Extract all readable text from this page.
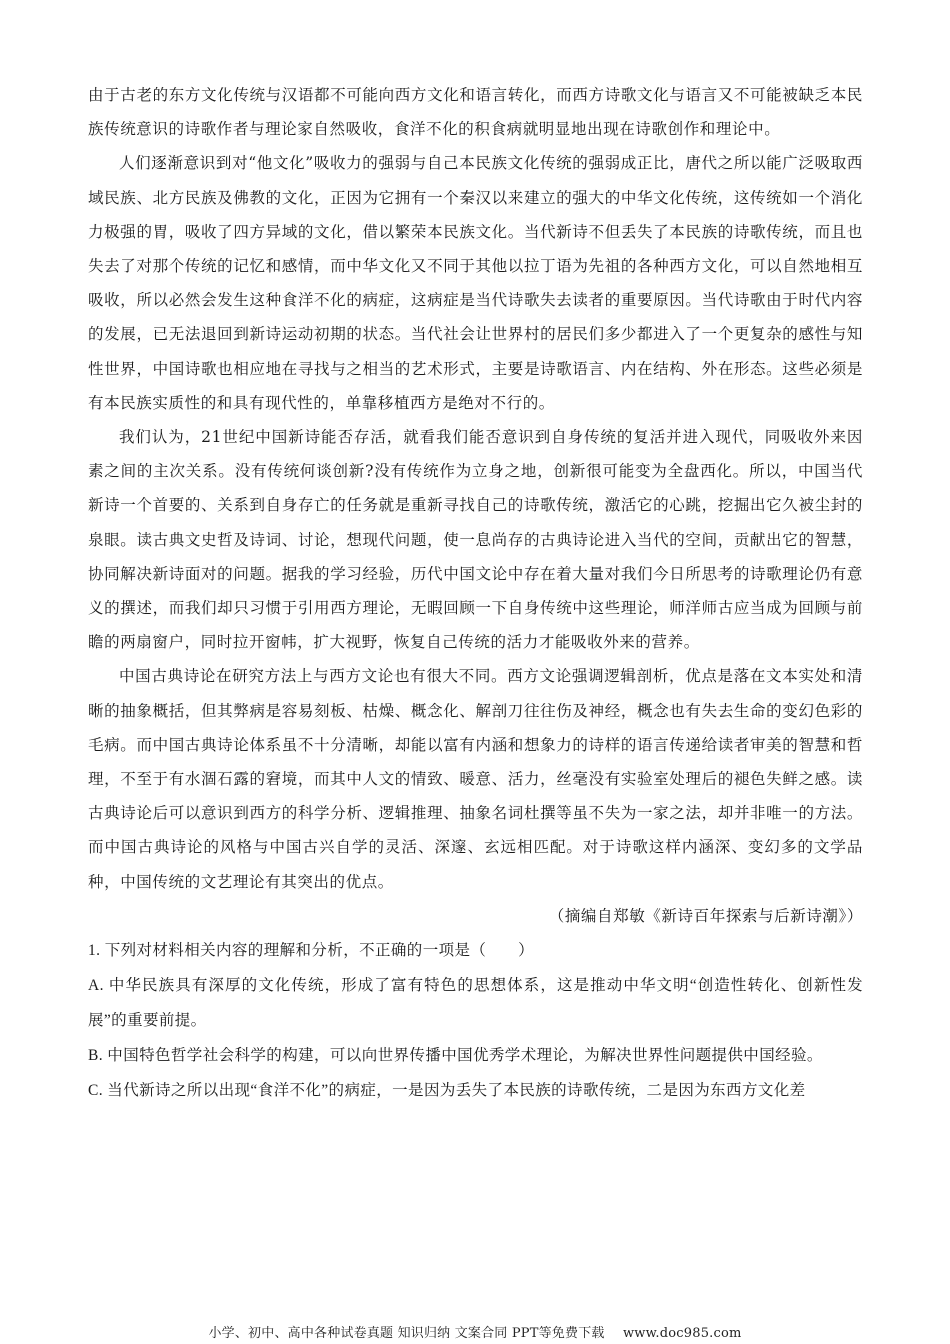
由于古老的东方文化传统与汉语都不可能向西方文化和语言转化，而西方诗歌文化与语言又不可能被缺乏本民族传统意识的诗歌作者与理论家自然吸收，食洋不化的积食病就明显地出现在诗歌创作和理论中。

人们逐渐意识到对“他文化”吸收力的强弱与自己本民族文化传统的强弱成正比，唐代之所以能广泛吸取西域民族、北方民族及佛教的文化，正因为它拥有一个秦汉以来建立的强大的中华文化传统，这传统如一个消化力极强的胃，吸收了四方异域的文化，借以繁荣本民族文化。当代新诗不但丢失了本民族的诗歌传统，而且也失去了对那个传统的记忆和感情，而中华文化又不同于其他以拉丁语为先祖的各种西方文化，可以自然地相互吸收，所以必然会发生这种食洋不化的病症，这病症是当代诗歌失去读者的重要原因。当代诗歌由于时代内容的发展，已无法退回到新诗运动初期的状态。当代社会让世界村的居民们多少都进入了一个更复杂的感性与知性世界，中国诗歌也相应地在寻找与之相当的艺术形式，主要是诗歌语言、内在结构、外在形态。这些必须是有本民族实质性的和具有现代性的，单靠移植西方是绝对不行的。

我们认为，21世纪中国新诗能否存活，就看我们能否意识到自身传统的复活并进入现代，同吸收外来因素之间的主次关系。没有传统何谈创新?没有传统作为立身之地，创新很可能变为全盘西化。所以，中国当代新诗一个首要的、关系到自身存亡的任务就是重新寻找自己的诗歌传统，激活它的心跳，挖掘出它久被尘封的泉眼。读古典文史哲及诗词、讨论，想现代问题，使一息尚存的古典诗论进入当代的空间，贡献出它的智慧，协同解决新诗面对的问题。据我的学习经验，历代中国文论中存在着大量对我们今日所思考的诗歌理论仍有意义的撰述，而我们却只习惯于引用西方理论，无暇回顾一下自身传统中这些理论，师洋师古应当成为回顾与前瞻的两扇窗户，同时拉开窗帏，扩大视野，恢复自己传统的活力才能吸收外来的营养。

中国古典诗论在研究方法上与西方文论也有很大不同。西方文论强调逻辑剖析，优点是落在文本实处和清晰的抽象概括，但其弊病是容易刻板、枯燥、概念化、解剖刀往往伤及神经，概念也有失去生命的变幻色彩的毛病。而中国古典诗论体系虽不十分清晰，却能以富有内涵和想象力的诗样的语言传递给读者审美的智慧和哲理，不至于有水涸石露的窘境，而其中人文的情致、暖意、活力，丝毫没有实验室处理后的褪色失鲜之感。读古典诗论后可以意识到西方的科学分析、逻辑推理、抽象名词杜撰等虽不失为一家之法，却并非唯一的方法。而中国古典诗论的风格与中国古兴自学的灵活、深邃、玄远相匹配。对于诗歌这样内涵深、变幻多的文学品种，中国传统的文艺理论有其突出的优点。

（摘编自郑敏《新诗百年探索与后新诗潮》）

1. 下列对材料相关内容的理解和分析，不正确的一项是（　　）

A. 中华民族具有深厚的文化传统，形成了富有特色的思想体系，这是推动中华文明“创造性转化、创新性发展”的重要前提。

B. 中国特色哲学社会科学的构建，可以向世界传播中国优秀学术理论，为解决世界性问题提供中国经验。

C. 当代新诗之所以出现“食洋不化”的病症，一是因为丢失了本民族的诗歌传统，二是因为东西方文化差

小学、初中、高中各种试卷真题 知识归纳 文案合同 PPT等免费下载 www.doc985.com
